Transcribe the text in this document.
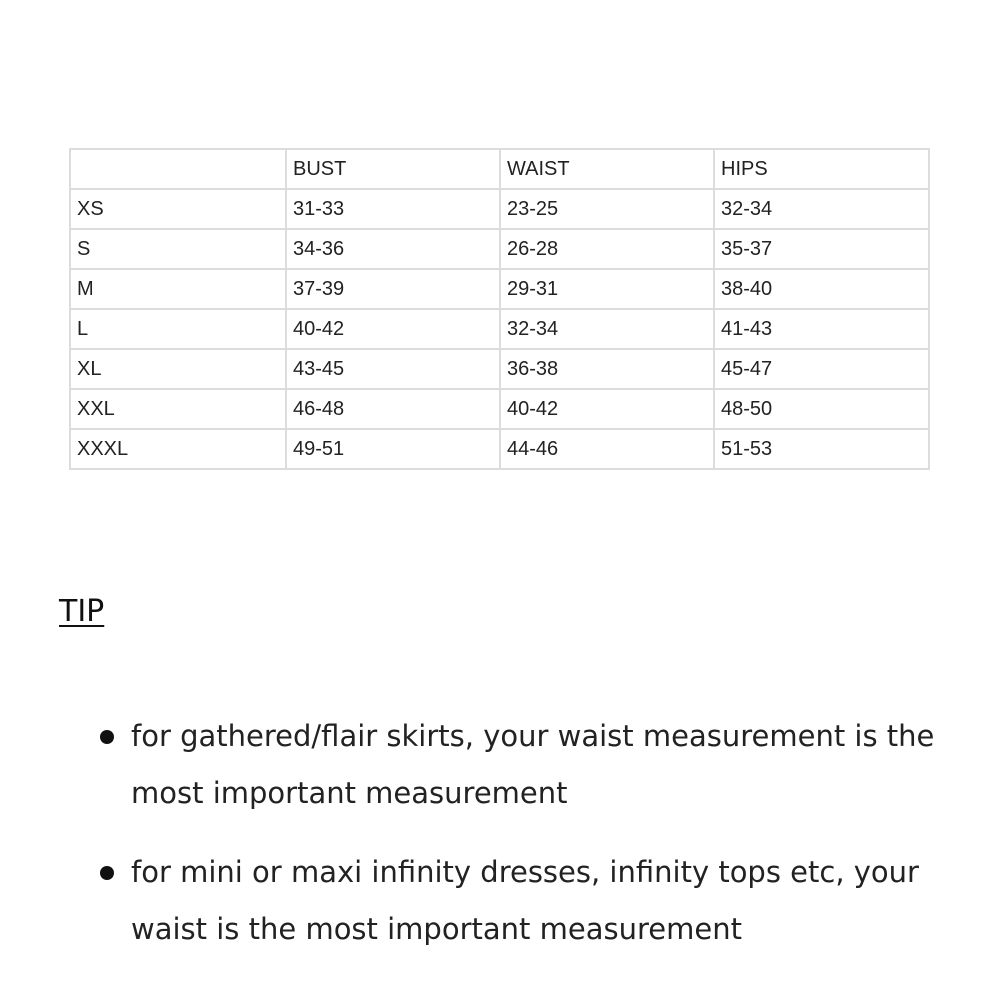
	BUST	WAIST	HIPS
XS	31-33	23-25	32-34
S	34-36	26-28	35-37
M	37-39	29-31	38-40
L	40-42	32-34	41-43
XL	43-45	36-38	45-47
XXL	46-48	40-42	48-50
XXXL	49-51	44-46	51-53
TIP
for gathered/flair skirts, your waist measurement is the most important measurement
for mini or maxi infinity dresses, infinity tops etc, your waist is the most important measurement
